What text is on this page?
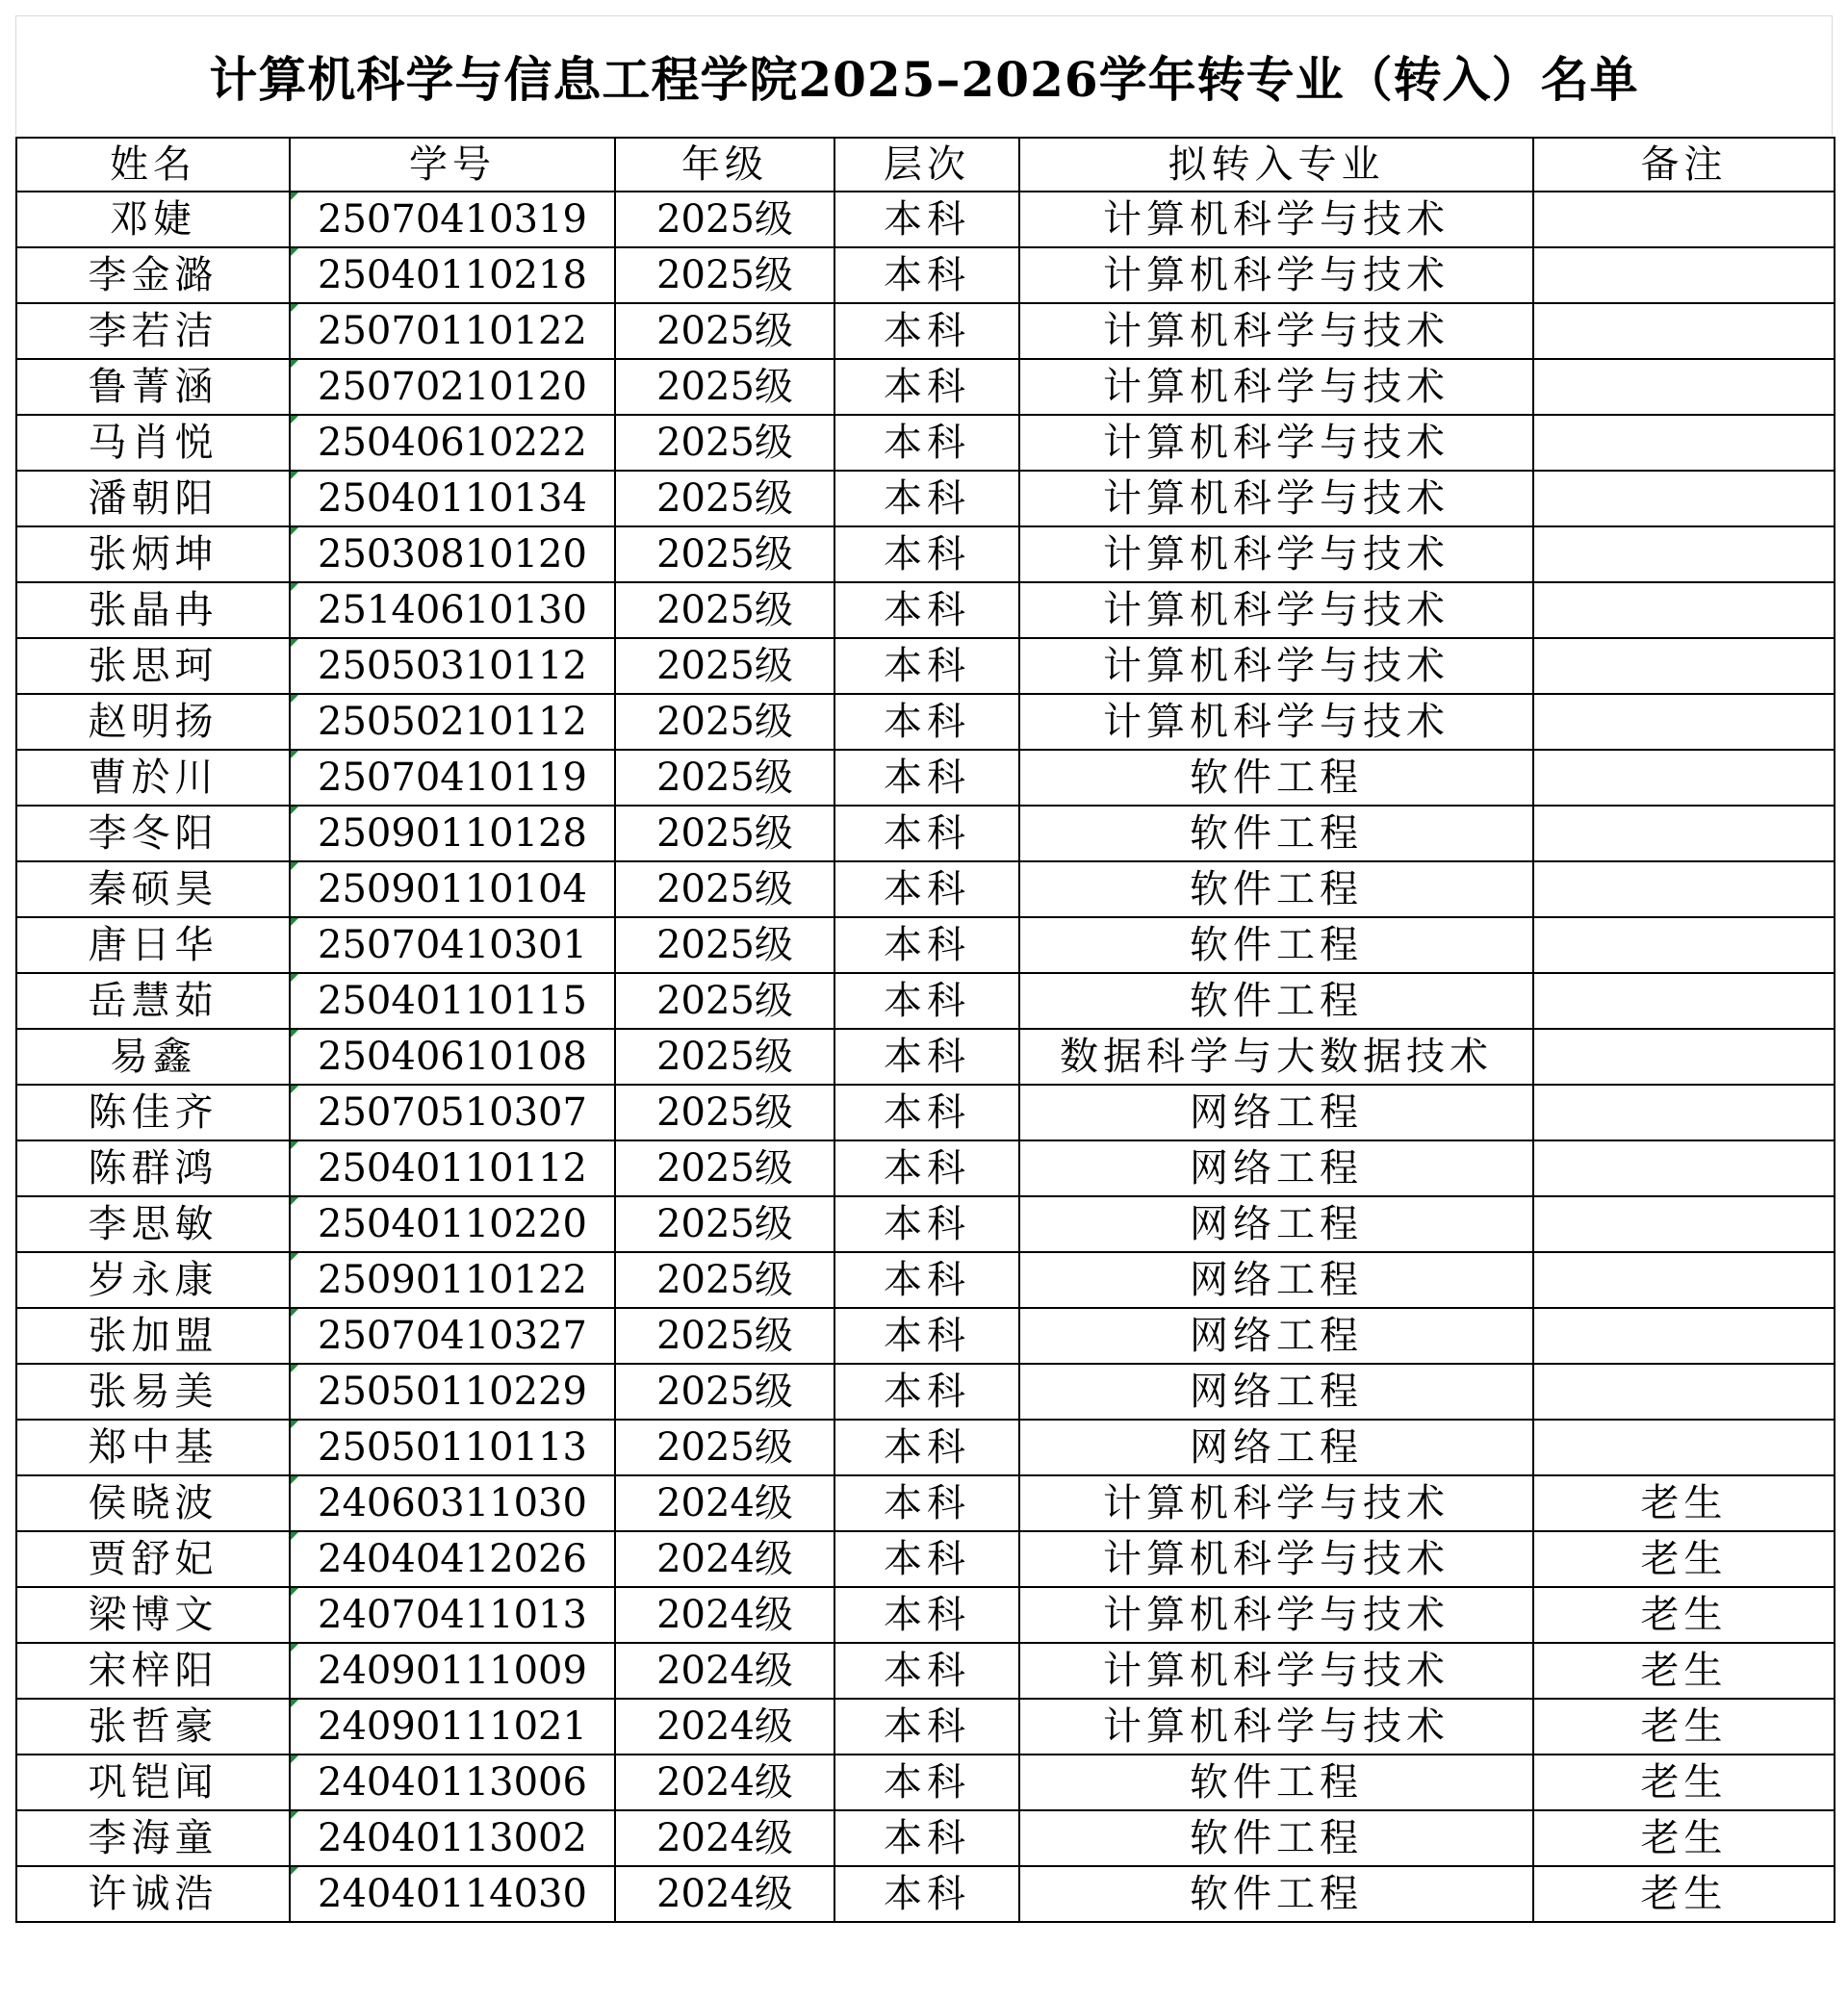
计算机科学与信息工程学院2025–2026学年转专业（转入）名单
姓名	学号	年级	层次	拟转入专业	备注
邓婕	25070410319	2025级	本科	计算机科学与技术	
李金潞	25040110218	2025级	本科	计算机科学与技术	
李若洁	25070110122	2025级	本科	计算机科学与技术	
鲁菁涵	25070210120	2025级	本科	计算机科学与技术	
马肖悦	25040610222	2025级	本科	计算机科学与技术	
潘朝阳	25040110134	2025级	本科	计算机科学与技术	
张炳坤	25030810120	2025级	本科	计算机科学与技术	
张晶冉	25140610130	2025级	本科	计算机科学与技术	
张思珂	25050310112	2025级	本科	计算机科学与技术	
赵明扬	25050210112	2025级	本科	计算机科学与技术	
曹於川	25070410119	2025级	本科	软件工程	
李冬阳	25090110128	2025级	本科	软件工程	
秦硕昊	25090110104	2025级	本科	软件工程	
唐日华	25070410301	2025级	本科	软件工程	
岳慧茹	25040110115	2025级	本科	软件工程	
易鑫	25040610108	2025级	本科	数据科学与大数据技术	
陈佳齐	25070510307	2025级	本科	网络工程	
陈群鸿	25040110112	2025级	本科	网络工程	
李思敏	25040110220	2025级	本科	网络工程	
岁永康	25090110122	2025级	本科	网络工程	
张加盟	25070410327	2025级	本科	网络工程	
张易美	25050110229	2025级	本科	网络工程	
郑中基	25050110113	2025级	本科	网络工程	
侯晓波	24060311030	2024级	本科	计算机科学与技术	老生
贾舒妃	24040412026	2024级	本科	计算机科学与技术	老生
梁博文	24070411013	2024级	本科	计算机科学与技术	老生
宋梓阳	24090111009	2024级	本科	计算机科学与技术	老生
张哲豪	24090111021	2024级	本科	计算机科学与技术	老生
巩铠闻	24040113006	2024级	本科	软件工程	老生
李海童	24040113002	2024级	本科	软件工程	老生
许诚浩	24040114030	2024级	本科	软件工程	老生
